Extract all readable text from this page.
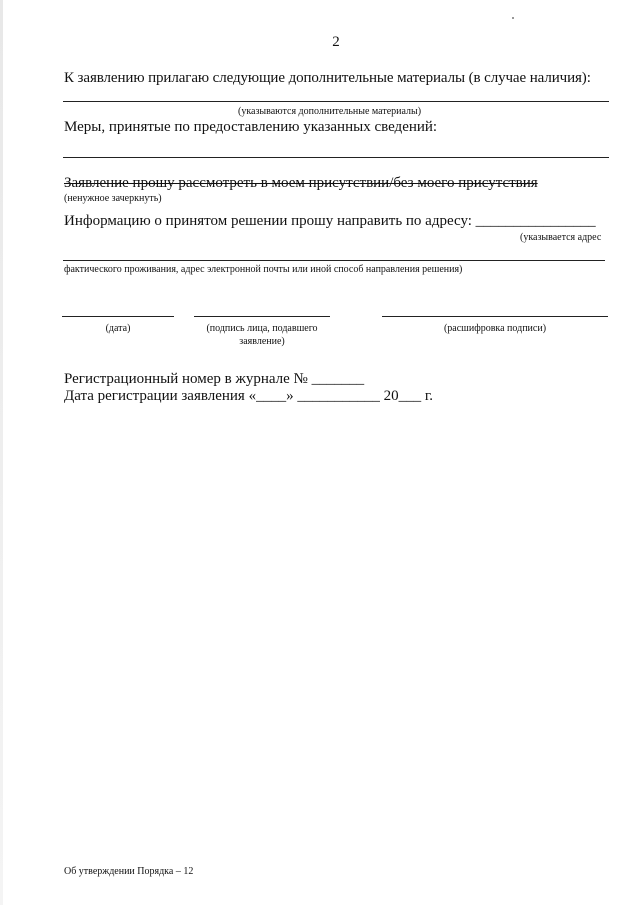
2
К заявлению прилагаю следующие дополнительные материалы (в случае наличия):
(указываются дополнительные материалы)
Меры, принятые по предоставлению указанных сведений:
Заявление прошу рассмотреть в моем присутствии/без моего присутствия
(ненужное зачеркнуть)
Информацию о принятом решении прошу направить по адресу: ________________
(указывается адрес
фактического проживания, адрес электронной почты или иной способ направления решения)
(дата)	(подпись лица, подавшего
заявление)
(расшифровка подписи)
Регистрационный номер в журнале № _______
Дата регистрации заявления «____» ___________ 20___ г.
Об утверждении Порядка – 12
